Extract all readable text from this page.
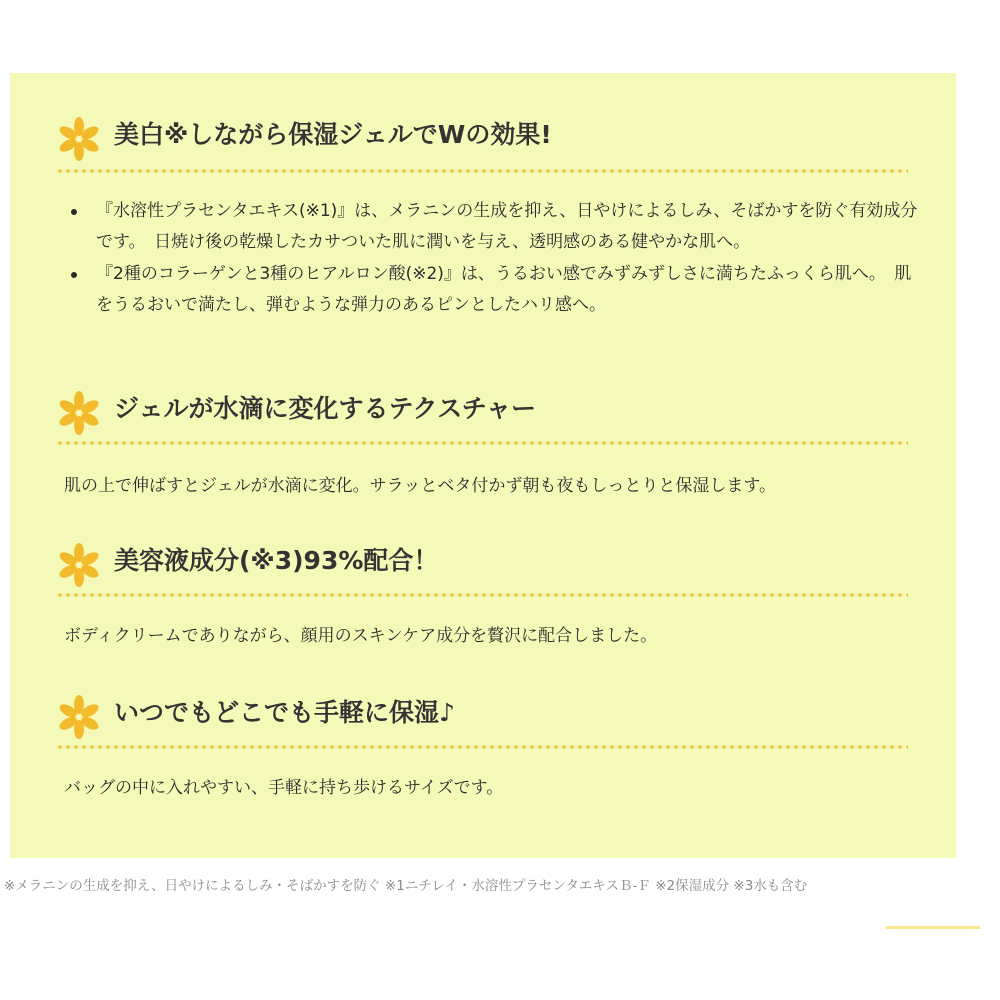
美白※しながら保湿ジェルでWの効果!
『水溶性プラセンタエキス(※1)』は、メラニンの生成を抑え、日やけによるしみ、そばかすを防ぐ有効成分です。　日焼け後の乾燥したカサついた肌に潤いを与え、透明感のある健やかな肌へ。
『2種のコラーゲンと3種のヒアルロン酸(※2)』は、うるおい感でみずみずしさに満ちたふっくら肌へ。　肌をうるおいで満たし、弾むような弾力のあるピンとしたハリ感へ。
ジェルが水滴に変化するテクスチャー
肌の上で伸ばすとジェルが水滴に変化。サラッとベタ付かず朝も夜もしっとりと保湿します。
美容液成分(※3)93%配合！
ボディクリームでありながら、顔用のスキンケア成分を贅沢に配合しました。
いつでもどこでも手軽に保湿♪
バッグの中に入れやすい、手軽に持ち歩けるサイズです。
※メラニンの生成を抑え、日やけによるしみ・そばかすを防ぐ ※1ニチレイ・水溶性プラセンタエキスＢ-Ｆ ※2保湿成分 ※3水も含む
